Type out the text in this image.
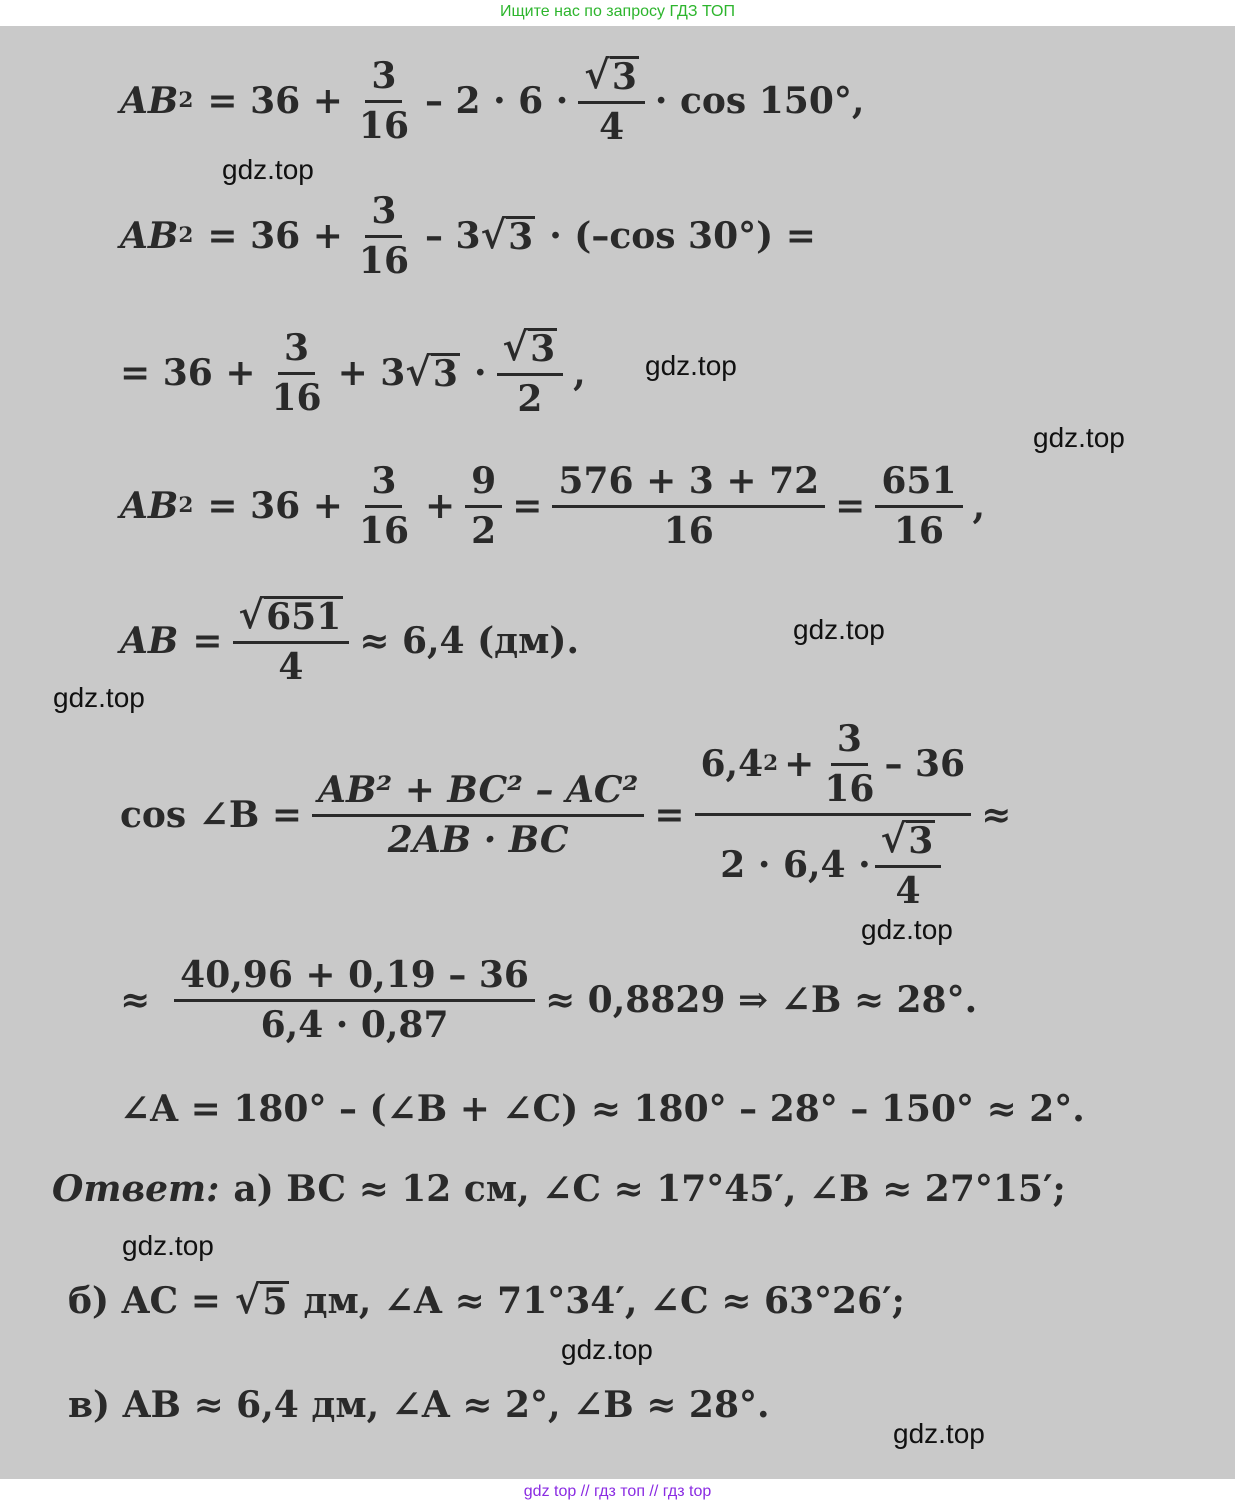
Ищите нас по запросу ГДЗ ТОП
gdz.top
gdz.top
gdz.top
gdz.top
gdz.top
gdz.top
gdz.top
gdz.top
gdz.top
AB $2 = 36 + \frac{3}{16} - 2 \cdot 6 \cdot \frac{√ 3}{4} \cdot \cos 150^\circ$,
AB $2 = 36 + \frac{3}{16} - 3$ √ 3 · (–cos 30°) =
= $36 + \frac{3}{16} + 3$ √ $3 \cdot \frac{√ 3}{2}$ ,
AB $2 = 36 + \frac{3}{16} + \frac{9}{2} = \frac{576 + 3 + 72}{16} = \frac{651}{16}$ ,
AB = $\frac{√ 651}{4} \approx 6,4$ (дм).
cos ∠B = $\frac{\text{AB² + BC² – AC²}}{2AB \cdot BC}$ =
6,4 $2 + \frac{3}{16} - 36$
$2 \cdot 6,4 \cdot \frac{√ 3}{4}$
≈
≈ $\frac{40,96 + 0,19 - 36}{6,4 \cdot 0,87} \approx 0,8829$ ⇒ ∠B ≈ 28°.
∠A = 180° – (∠B + ∠C) ≈ 180° – 28° – 150° ≈ 2°.
Ответ: а) BC ≈ 12 см, ∠C ≈ 17°45′, ∠B ≈ 27°15′;
б) AC = √ 5 дм, ∠A ≈ 71°34′, ∠C ≈ 63°26′;
в) AB ≈ 6,4 дм, ∠A ≈ 2°, ∠B ≈ 28°.
gdz top // гдз топ // гдз top
